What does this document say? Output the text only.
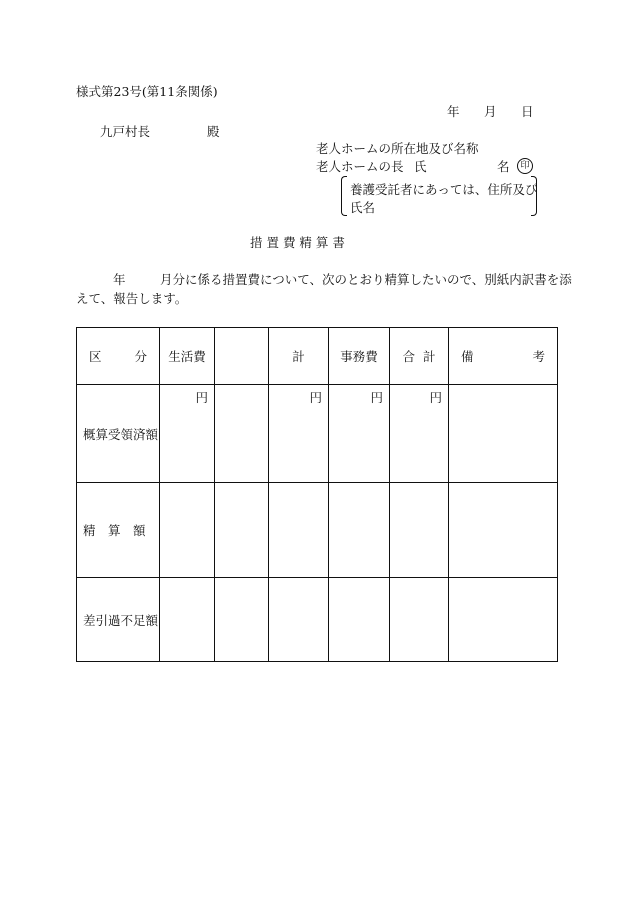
様式第23号(第11条関係)
年 月 日
九戸村長	殿
老人ホームの所在地及び名称
老人ホームの長 氏	名	印
養護受託者にあっては、住所及び
氏名
措 置 費 精 算 書
年	月分に係る措置費について、次のとおり精算したいので、別紙内訳書を添
えて、報告します。
区 分	生活費		計	事務費	合 計	備 考

概算受領済額	円		円	円	円	
精　算　額						
差引過不足額						
